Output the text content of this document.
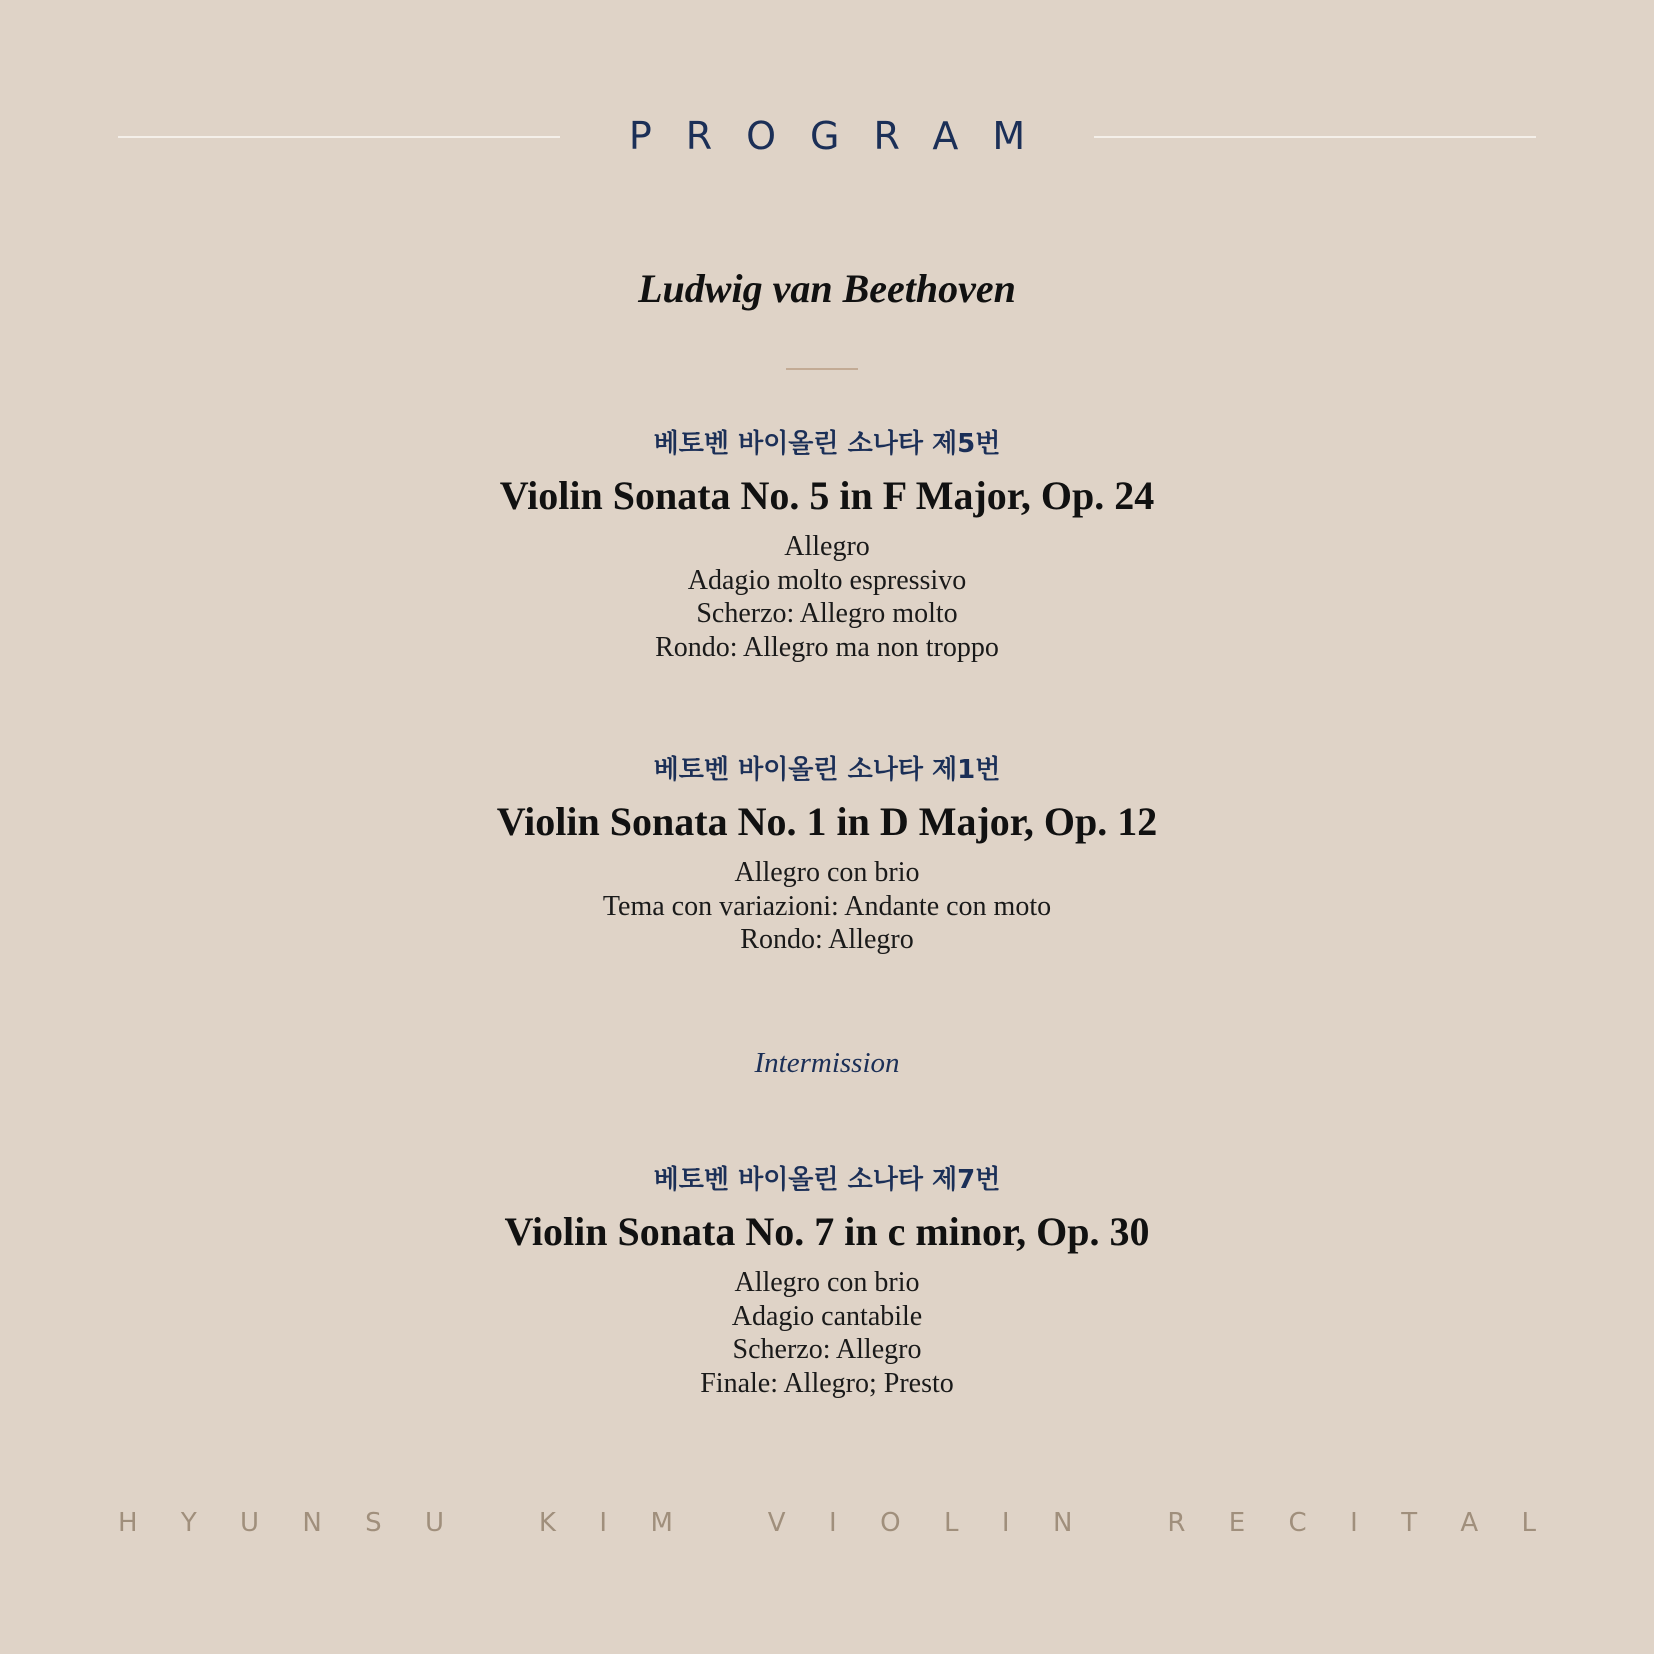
PROGRAM
Ludwig van Beethoven
베토벤 바이올린 소나타 제5번
Violin Sonata No. 5 in F Major, Op. 24
Allegro
Adagio molto espressivo
Scherzo: Allegro molto
Rondo: Allegro ma non troppo
베토벤 바이올린 소나타 제1번
Violin Sonata No. 1 in D Major, Op. 12
Allegro con brio
Tema con variazioni: Andante con moto
Rondo: Allegro
Intermission
베토벤 바이올린 소나타 제7번
Violin Sonata No. 7 in c minor, Op. 30
Allegro con brio
Adagio cantabile
Scherzo: Allegro
Finale: Allegro; Presto
H Y U N S U
	K I M
	V I O L I N
	R E C I T A L
